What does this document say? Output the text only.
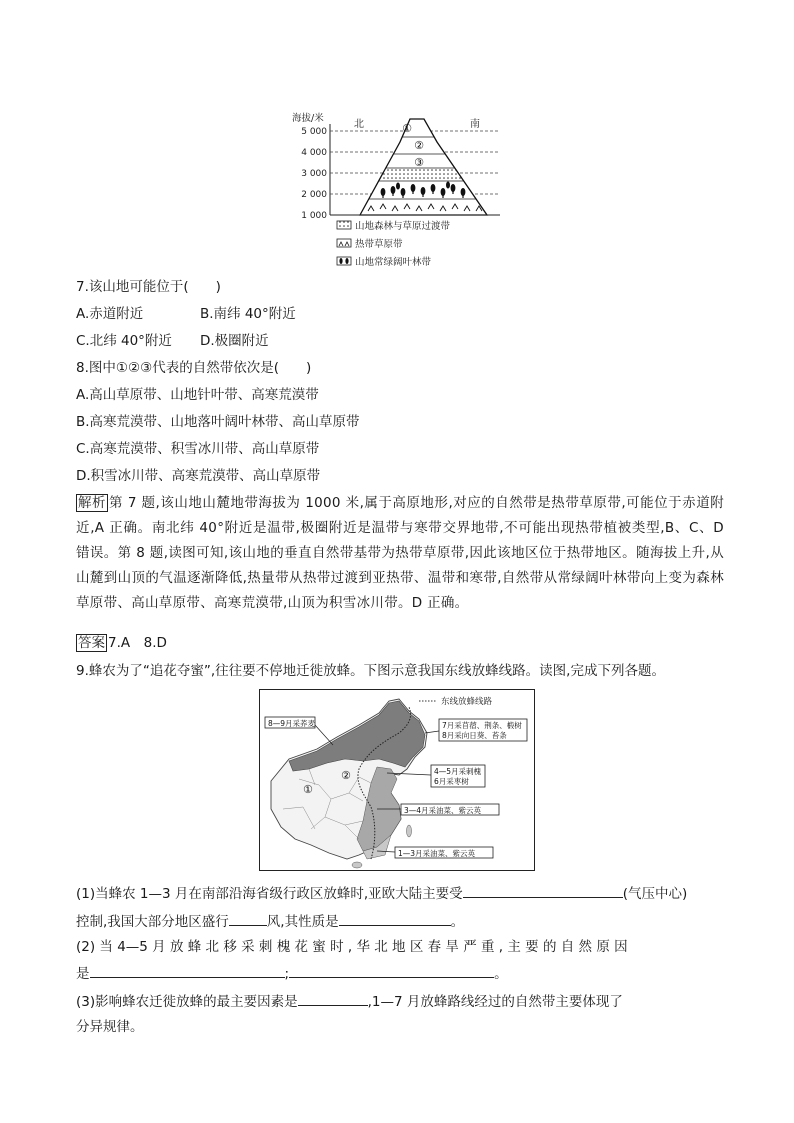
海拔/米
5 000
4 000
3 000
2 000
1 000
北	南
①
②
③
山地森林与草原过渡带
热带草原带
山地常绿阔叶林带
7.该山地可能位于(　　)
A.赤道附近	B.南纬 40°附近
C.北纬 40°附近 D.极圈附近
8.图中①②③代表的自然带依次是(　　)
A.高山草原带、山地针叶带、高寒荒漠带
B.高寒荒漠带、山地落叶阔叶林带、高山草原带
C.高寒荒漠带、积雪冰川带、高山草原带
D.积雪冰川带、高寒荒漠带、高山草原带
解析 第 7 题,该山地山麓地带海拔为 1000 米,属于高原地形,对应的自然带是热带草原带,可能位于赤道附近,A 正确。南北纬 40°附近是温带,极圈附近是温带与寒带交界地带,不可能出现热带植被类型,B、C、D 错误。第 8 题,读图可知,该山地的垂直自然带基带为热带草原带,因此该地区位于热带地区。随海拔上升,从山麓到山顶的气温逐渐降低,热量带从热带过渡到亚热带、温带和寒带,自然带从常绿阔叶林带向上变为森林草原带、高山草原带、高寒荒漠带,山顶为积雪冰川带。D 正确。
答案 7.A　8.D
9.蜂农为了“追花夺蜜”,往往要不停地迁徙放蜂。下图示意我国东线放蜂线路。读图,完成下列各题。
东线放蜂线路
①
②
8—9月采荞麦	7月采苜蓿、荆条、椴树
8月采向日葵、苔条
4—5月采刺槐
6月采枣树
3—4月采油菜、紫云英
1—3月采油菜、紫云英
(1)当蜂农 1—3 月在南部沿海省级行政区放蜂时,亚欧大陆主要受	(气压中心)
控制,我国大部分地区盛行	风,其性质是	。
(2) 当 4—5 月 放 蜂 北 移 采 刺 槐 花 蜜 时 , 华 北 地 区 春 旱 严 重 , 主 要 的 自 然 原 因
是	;	。
(3)影响蜂农迁徙放蜂的最主要因素是	,1—7 月放蜂路线经过的自然带主要体现了
分异规律。
